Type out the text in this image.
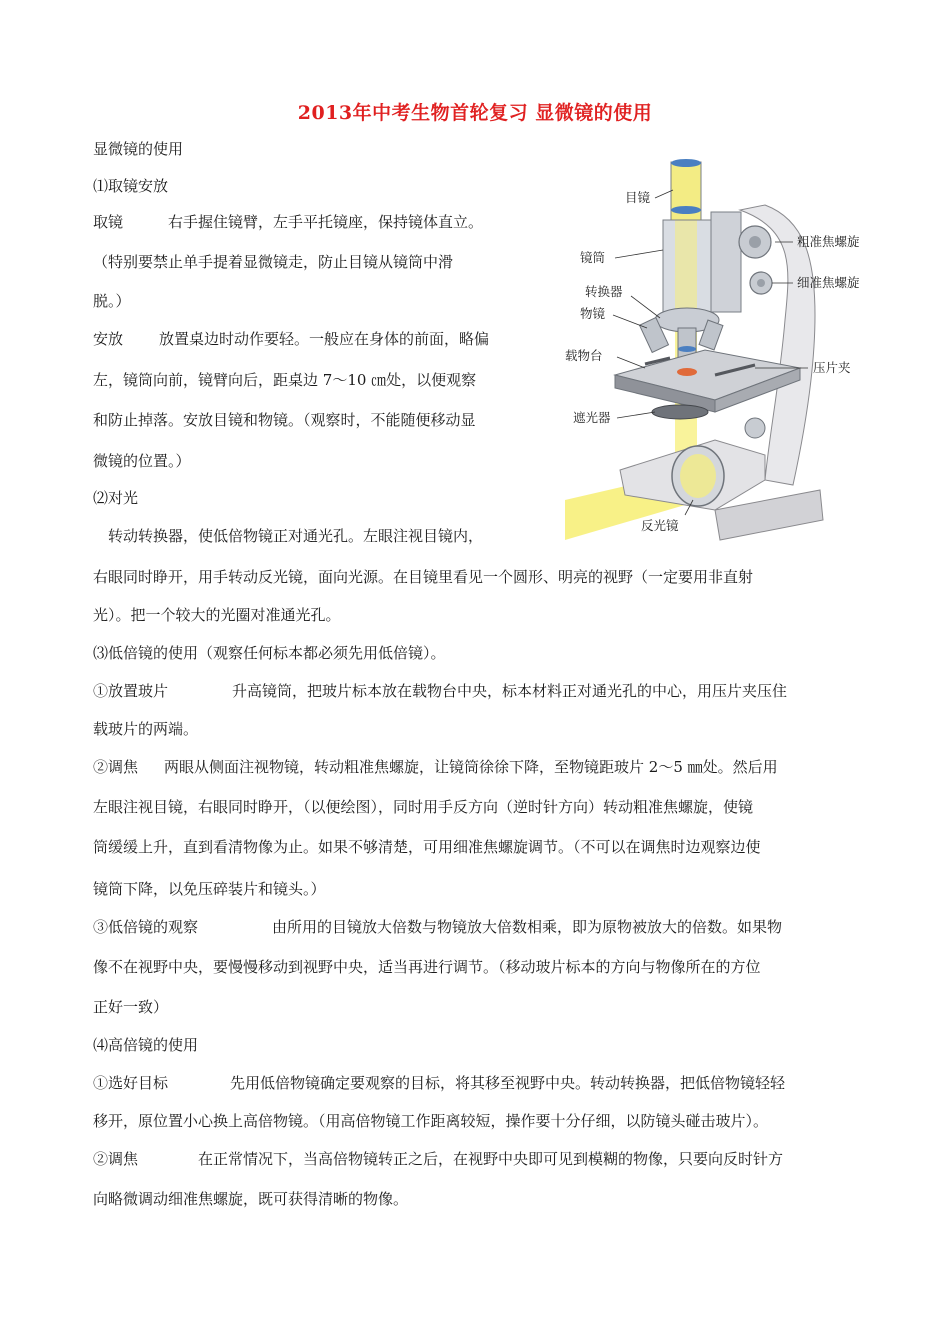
2013年中考生物首轮复习 显微镜的使用
显微镜的使用
⑴取镜安放
取镜	右手握住镜臂，左手平托镜座，保持镜体直立。
（特别要禁止单手提着显微镜走，防止目镜从镜筒中滑
脱。）
安放 放置桌边时动作要轻。一般应在身体的前面，略偏
左，镜筒向前，镜臂向后，距桌边 7～10 ㎝处，以便观察
和防止掉落。安放目镜和物镜。（观察时，不能随便移动显
微镜的位置。）
⑵对光
转动转换器，使低倍物镜正对通光孔。左眼注视目镜内，
右眼同时睁开，用手转动反光镜，面向光源。在目镜里看见一个圆形、明亮的视野（一定要用非直射
光）。把一个较大的光圈对准通光孔。
⑶低倍镜的使用（观察任何标本都必须先用低倍镜）。
①放置玻片	升高镜筒，把玻片标本放在载物台中央，标本材料正对通光孔的中心，用压片夹压住
载玻片的两端。
②调焦 两眼从侧面注视物镜，转动粗准焦螺旋，让镜筒徐徐下降，至物镜距玻片 2～5 ㎜处。然后用
左眼注视目镜，右眼同时睁开，（以便绘图），同时用手反方向（逆时针方向）转动粗准焦螺旋，使镜
筒缓缓上升，直到看清物像为止。如果不够清楚，可用细准焦螺旋调节。（不可以在调焦时边观察边使
镜筒下降，以免压碎装片和镜头。）
③低倍镜的观察	由所用的目镜放大倍数与物镜放大倍数相乘，即为原物被放大的倍数。如果物
像不在视野中央，要慢慢移动到视野中央，适当再进行调节。（移动玻片标本的方向与物像所在的方位
正好一致）
⑷高倍镜的使用
①选好目标	先用低倍物镜确定要观察的目标，将其移至视野中央。转动转换器，把低倍物镜轻轻
移开，原位置小心换上高倍物镜。（用高倍物镜工作距离较短，操作要十分仔细，以防镜头碰击玻片）。
②调焦	在正常情况下，当高倍物镜转正之后，在视野中央即可见到模糊的物像，只要向反时针方
向略微调动细准焦螺旋，既可获得清晰的物像。
目镜
镜筒
转换器
物镜
载物台
遮光器
反光镜
粗准焦螺旋
细准焦螺旋
压片夹
